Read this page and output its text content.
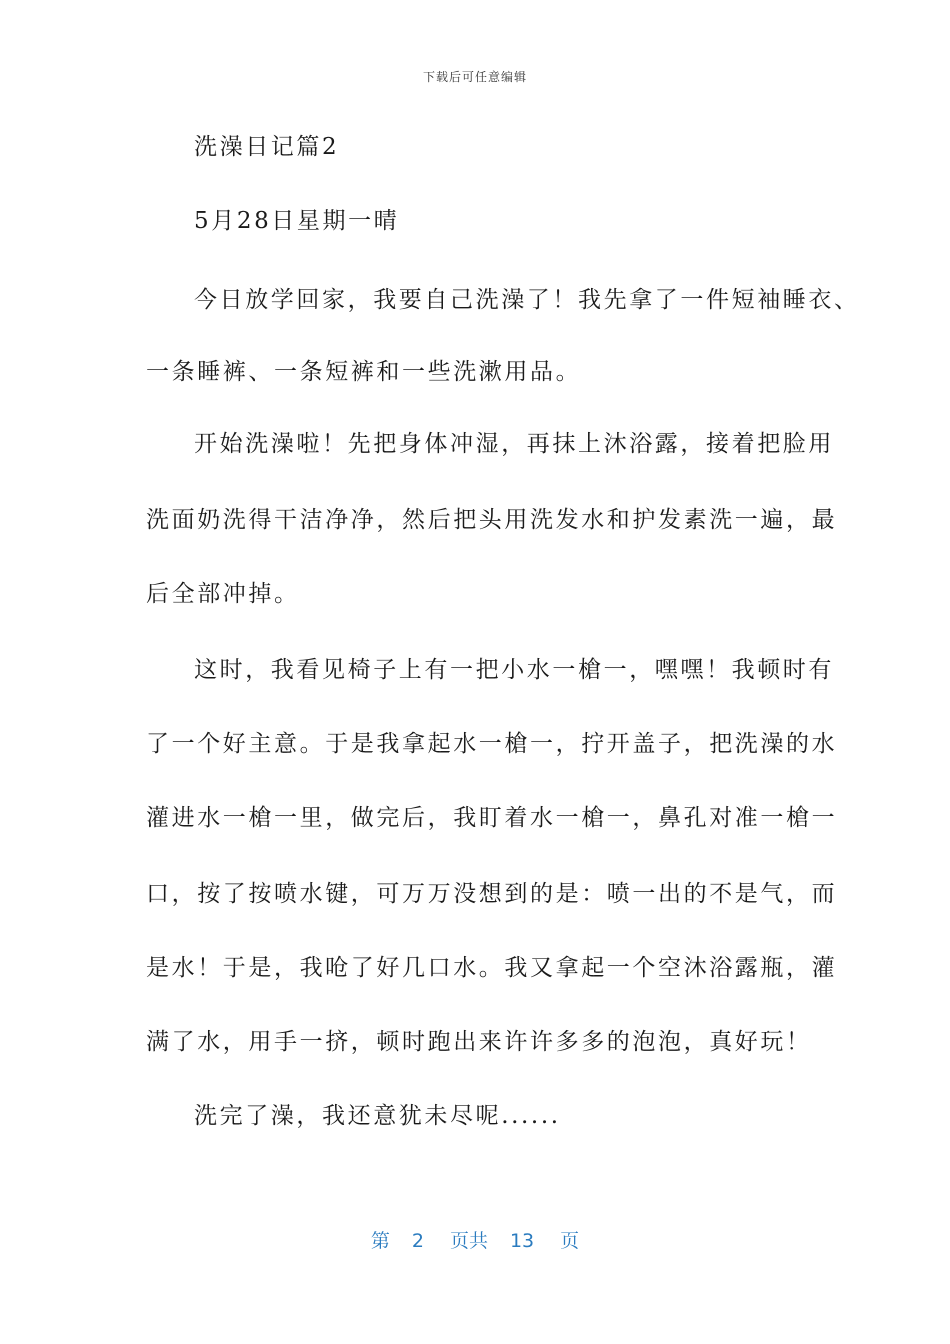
下载后可任意编辑
洗澡日记篇2
5月28日星期一晴
今日放学回家，我要自己洗澡了！我先拿了一件短袖睡衣、
一条睡裤、一条短裤和一些洗漱用品。
开始洗澡啦！先把身体冲湿，再抹上沐浴露，接着把脸用
洗面奶洗得干洁净净，然后把头用洗发水和护发素洗一遍，最
后全部冲掉。
这时，我看见椅子上有一把小水一槍一，嘿嘿！我顿时有
了一个好主意。于是我拿起水一槍一，拧开盖子，把洗澡的水
灌进水一槍一里，做完后，我盯着水一槍一，鼻孔对准一槍一
口，按了按喷水键，可万万没想到的是：喷一出的不是气，而
是水！于是，我呛了好几口水。我又拿起一个空沐浴露瓶，灌
满了水，用手一挤，顿时跑出来许许多多的泡泡，真好玩！
洗完了澡，我还意犹未尽呢......
第 2 页共 13 页
